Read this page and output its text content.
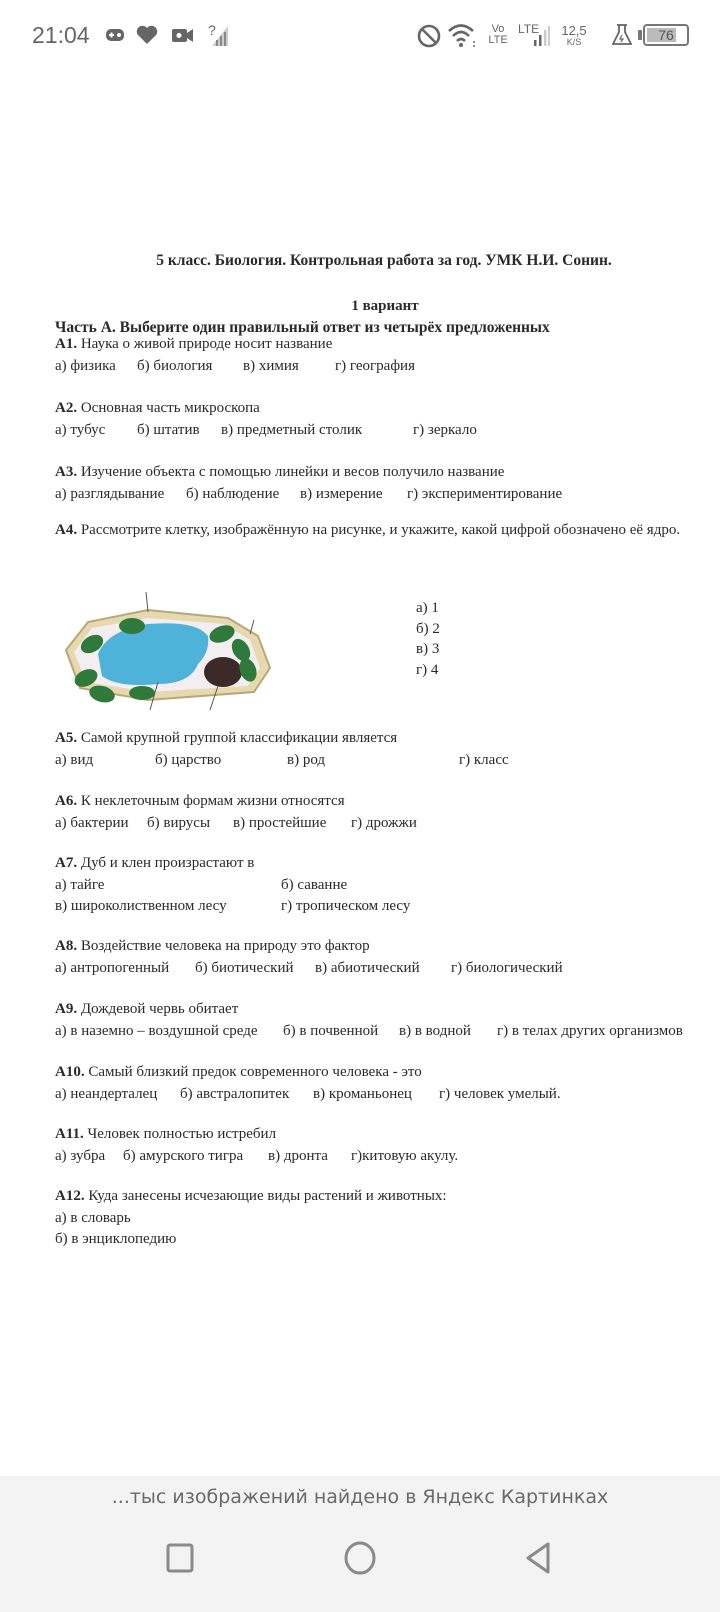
21:04	?	Vo
LTE
LTE 12,5
K/S	76
5 класс. Биология. Контрольная работа за год. УМК Н.И. Сонин.
1 вариант
Часть А. Выберите один правильный ответ из четырёх предложенных
А1. Наука о живой природе носит название
а) физика б) биология в) химия г) география
А2. Основная часть микроскопа
а) тубус б) штатив в) предметный столик	г) зеркало
А3. Изучение объекта с помощью линейки и весов получило название
а) разглядывание б) наблюдение в) измерение г) экспериментирование
А4. Рассмотрите клетку, изображённую на рисунке, и укажите, какой цифрой обозначено её ядро.
а) 1
б) 2
в) 3
г) 4
А5. Самой крупной группой классификации является
а) вид	б) царство	в) род	г) класс
А6. К неклеточным формам жизни относятся
а) бактерии б) вирусы в) простейшие г) дрожжи
А7. Дуб и клен произрастают в
а) тайге	б) саванне
в) широколиственном лесу	г) тропическом лесу
А8. Воздействие человека на природу это фактор
а) антропогенный б) биотический в) абиотический г) биологический
А9. Дождевой червь обитает
а) в наземно – воздушной среде б) в почвенной в) в водной г) в телах других организмов
А10. Самый близкий предок современного человека - это
а) неандерталец б) австралопитек в) кроманьонец г) человек умелый.
А11. Человек полностью истребил
а) зубра б) амурского тигра в) дронта г)китовую акулу.
А12. Куда занесены исчезающие виды растений и животных:
а) в словарь
б) в энциклопедию
...тыс изображений найдено в Яндекс Картинках
